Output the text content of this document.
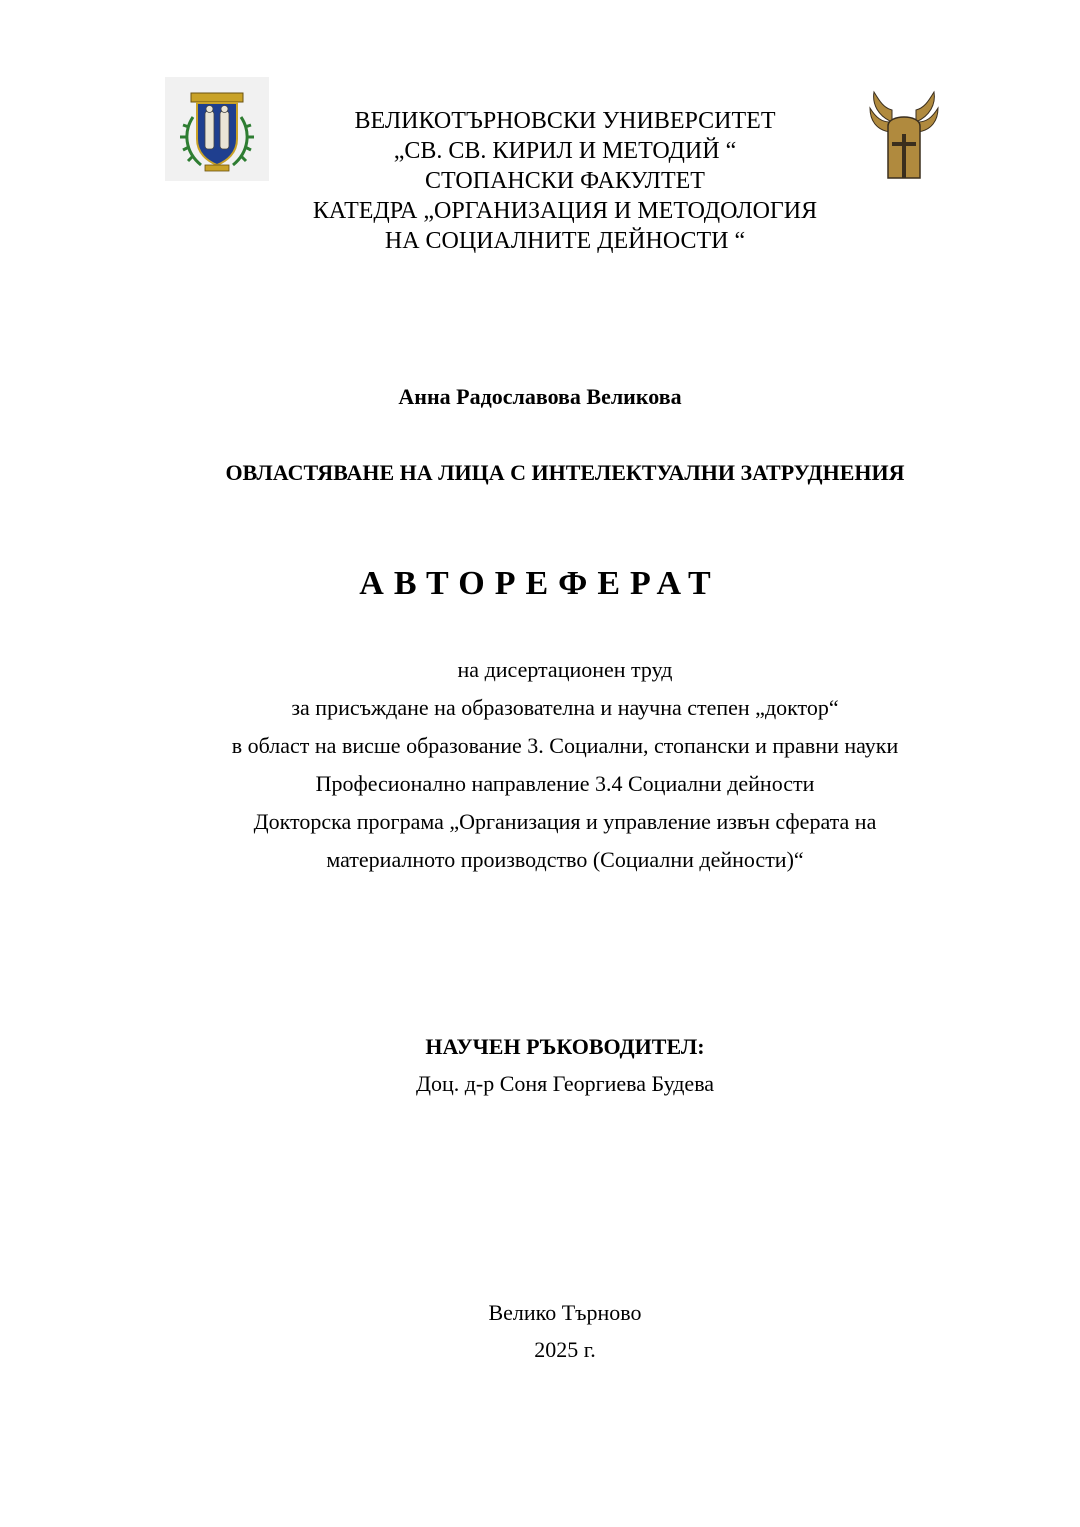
ВЕЛИКОТЪРНОВСКИ УНИВЕРСИТЕТ
„СВ. СВ. КИРИЛ И МЕТОДИЙ “
СТОПАНСКИ ФАКУЛТЕТ
КАТЕДРА „ОРГАНИЗАЦИЯ И МЕТОДОЛОГИЯ
НА СОЦИАЛНИТЕ ДЕЙНОСТИ “
Анна Радославова Великова
ОВЛАСТЯВАНЕ НА ЛИЦА С ИНТЕЛЕКТУАЛНИ ЗАТРУДНЕНИЯ
АВТОРЕФЕРАТ
на дисертационен труд
за присъждане на образователна и научна степен „доктор“
в област на висше образование 3. Социални, стопански и правни науки
Професионално направление 3.4 Социални дейности
Докторска програма „Организация и управление извън сферата на
материалното производство (Социални дейности)“
НАУЧЕН РЪКОВОДИТЕЛ:
Доц. д-р Соня Георгиева Будева
Велико Търново
2025 г.
